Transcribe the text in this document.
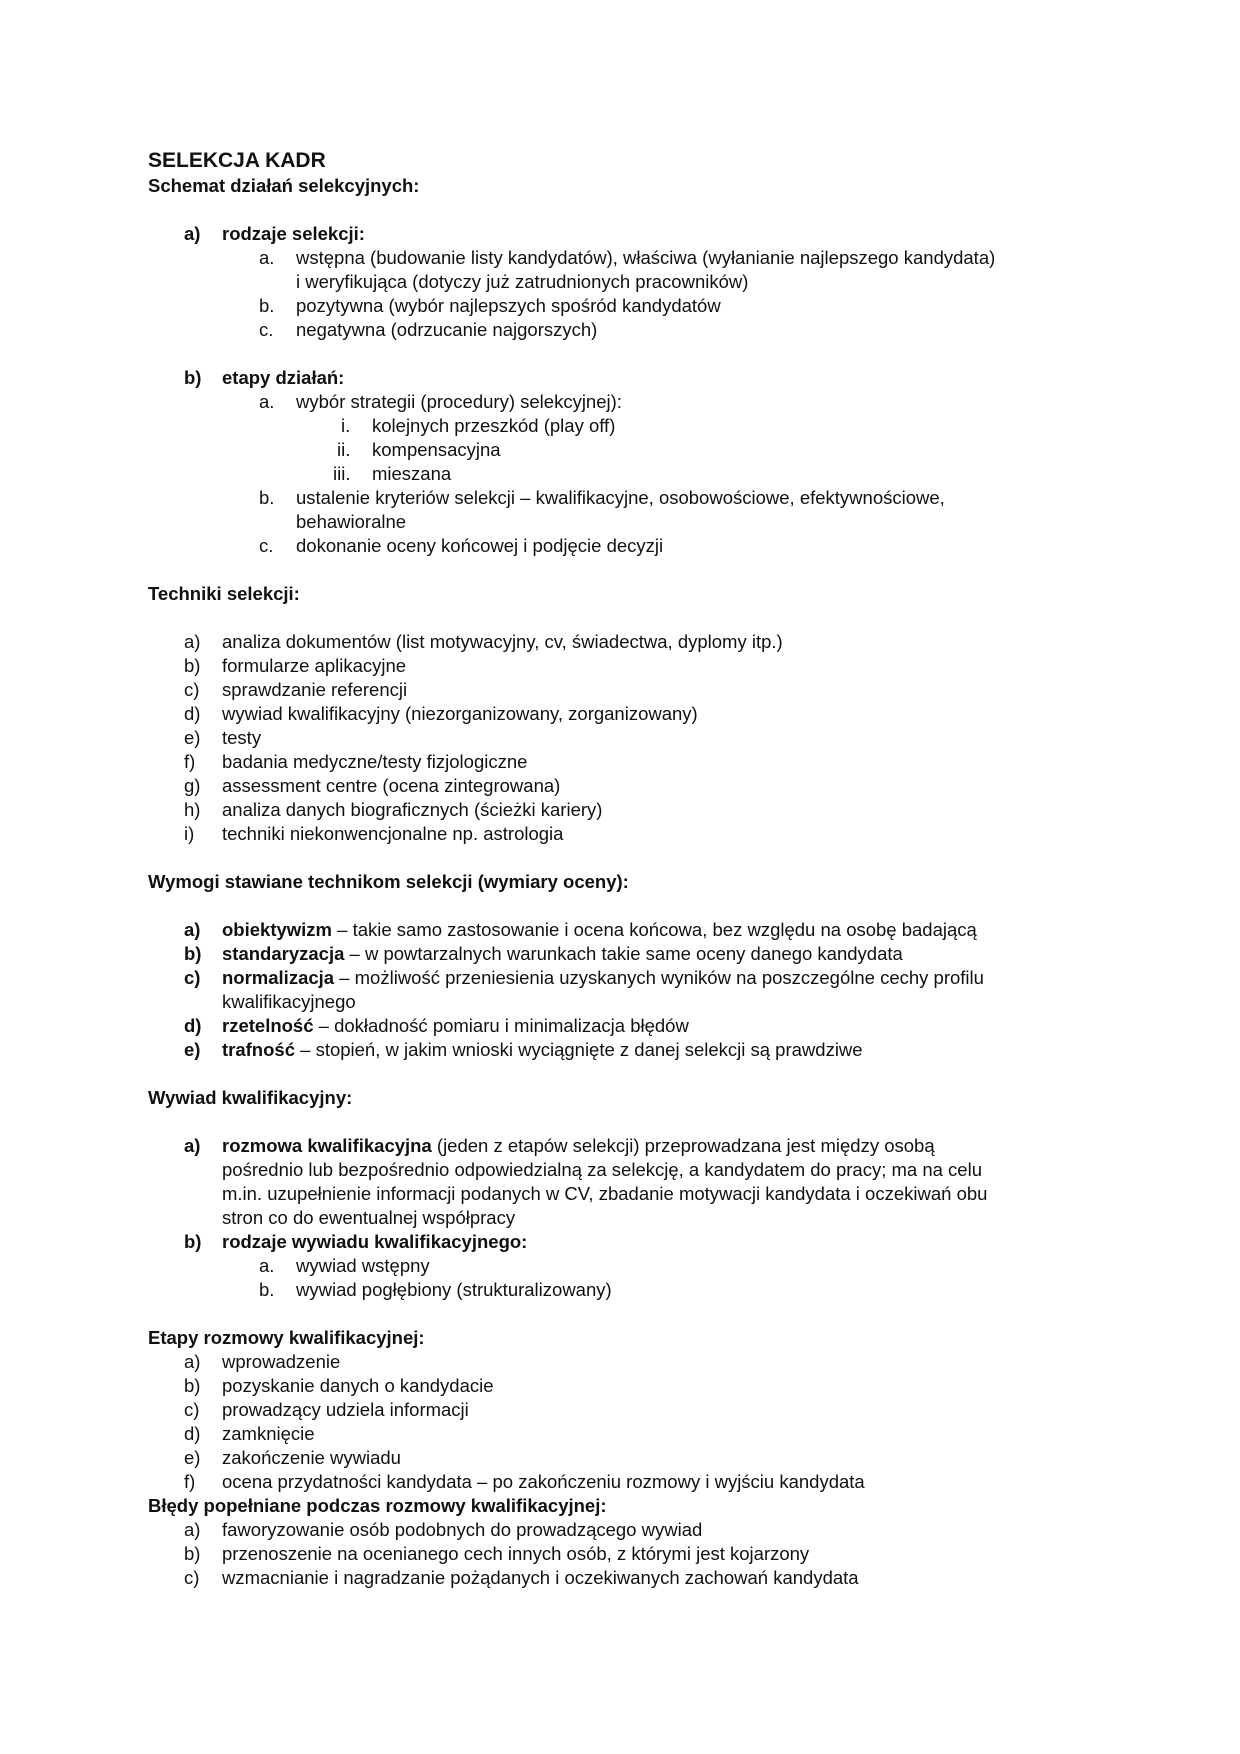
SELEKCJA KADR
Schemat działań selekcyjnych:
a) rodzaje selekcji:
a. wstępna (budowanie listy kandydatów), właściwa (wyłanianie najlepszego kandydata)
i weryfikująca (dotyczy już zatrudnionych pracowników)
b. pozytywna (wybór najlepszych spośród kandydatów
c. negatywna (odrzucanie najgorszych)
b) etapy działań:
a. wybór strategii (procedury) selekcyjnej):
i. kolejnych przeszkód (play off)
ii. kompensacyjna
iii. mieszana
b. ustalenie kryteriów selekcji – kwalifikacyjne, osobowościowe, efektywnościowe,
behawioralne
c. dokonanie oceny końcowej i podjęcie decyzji
Techniki selekcji:
a) analiza dokumentów (list motywacyjny, cv, świadectwa, dyplomy itp.)
b) formularze aplikacyjne
c) sprawdzanie referencji
d) wywiad kwalifikacyjny (niezorganizowany, zorganizowany)
e) testy
f) badania medyczne/testy fizjologiczne
g) assessment centre (ocena zintegrowana)
h) analiza danych biograficznych (ścieżki kariery)
i) techniki niekonwencjonalne np. astrologia
Wymogi stawiane technikom selekcji (wymiary oceny):
a) obiektywizm – takie samo zastosowanie i ocena końcowa, bez względu na osobę badającą
b) standaryzacja – w powtarzalnych warunkach takie same oceny danego kandydata
c) normalizacja – możliwość przeniesienia uzyskanych wyników na poszczególne cechy profilu
kwalifikacyjnego
d) rzetelność – dokładność pomiaru i minimalizacja błędów
e) trafność – stopień, w jakim wnioski wyciągnięte z danej selekcji są prawdziwe
Wywiad kwalifikacyjny:
a) rozmowa kwalifikacyjna (jeden z etapów selekcji) przeprowadzana jest między osobą
pośrednio lub bezpośrednio odpowiedzialną za selekcję, a kandydatem do pracy; ma na celu
m.in. uzupełnienie informacji podanych w CV, zbadanie motywacji kandydata i oczekiwań obu
stron co do ewentualnej współpracy
b) rodzaje wywiadu kwalifikacyjnego:
a. wywiad wstępny
b. wywiad pogłębiony (strukturalizowany)
Etapy rozmowy kwalifikacyjnej:
a) wprowadzenie
b) pozyskanie danych o kandydacie
c) prowadzący udziela informacji
d) zamknięcie
e) zakończenie wywiadu
f) ocena przydatności kandydata – po zakończeniu rozmowy i wyjściu kandydata
Błędy popełniane podczas rozmowy kwalifikacyjnej:
a) faworyzowanie osób podobnych do prowadzącego wywiad
b) przenoszenie na ocenianego cech innych osób, z którymi jest kojarzony
c) wzmacnianie i nagradzanie pożądanych i oczekiwanych zachowań kandydata
